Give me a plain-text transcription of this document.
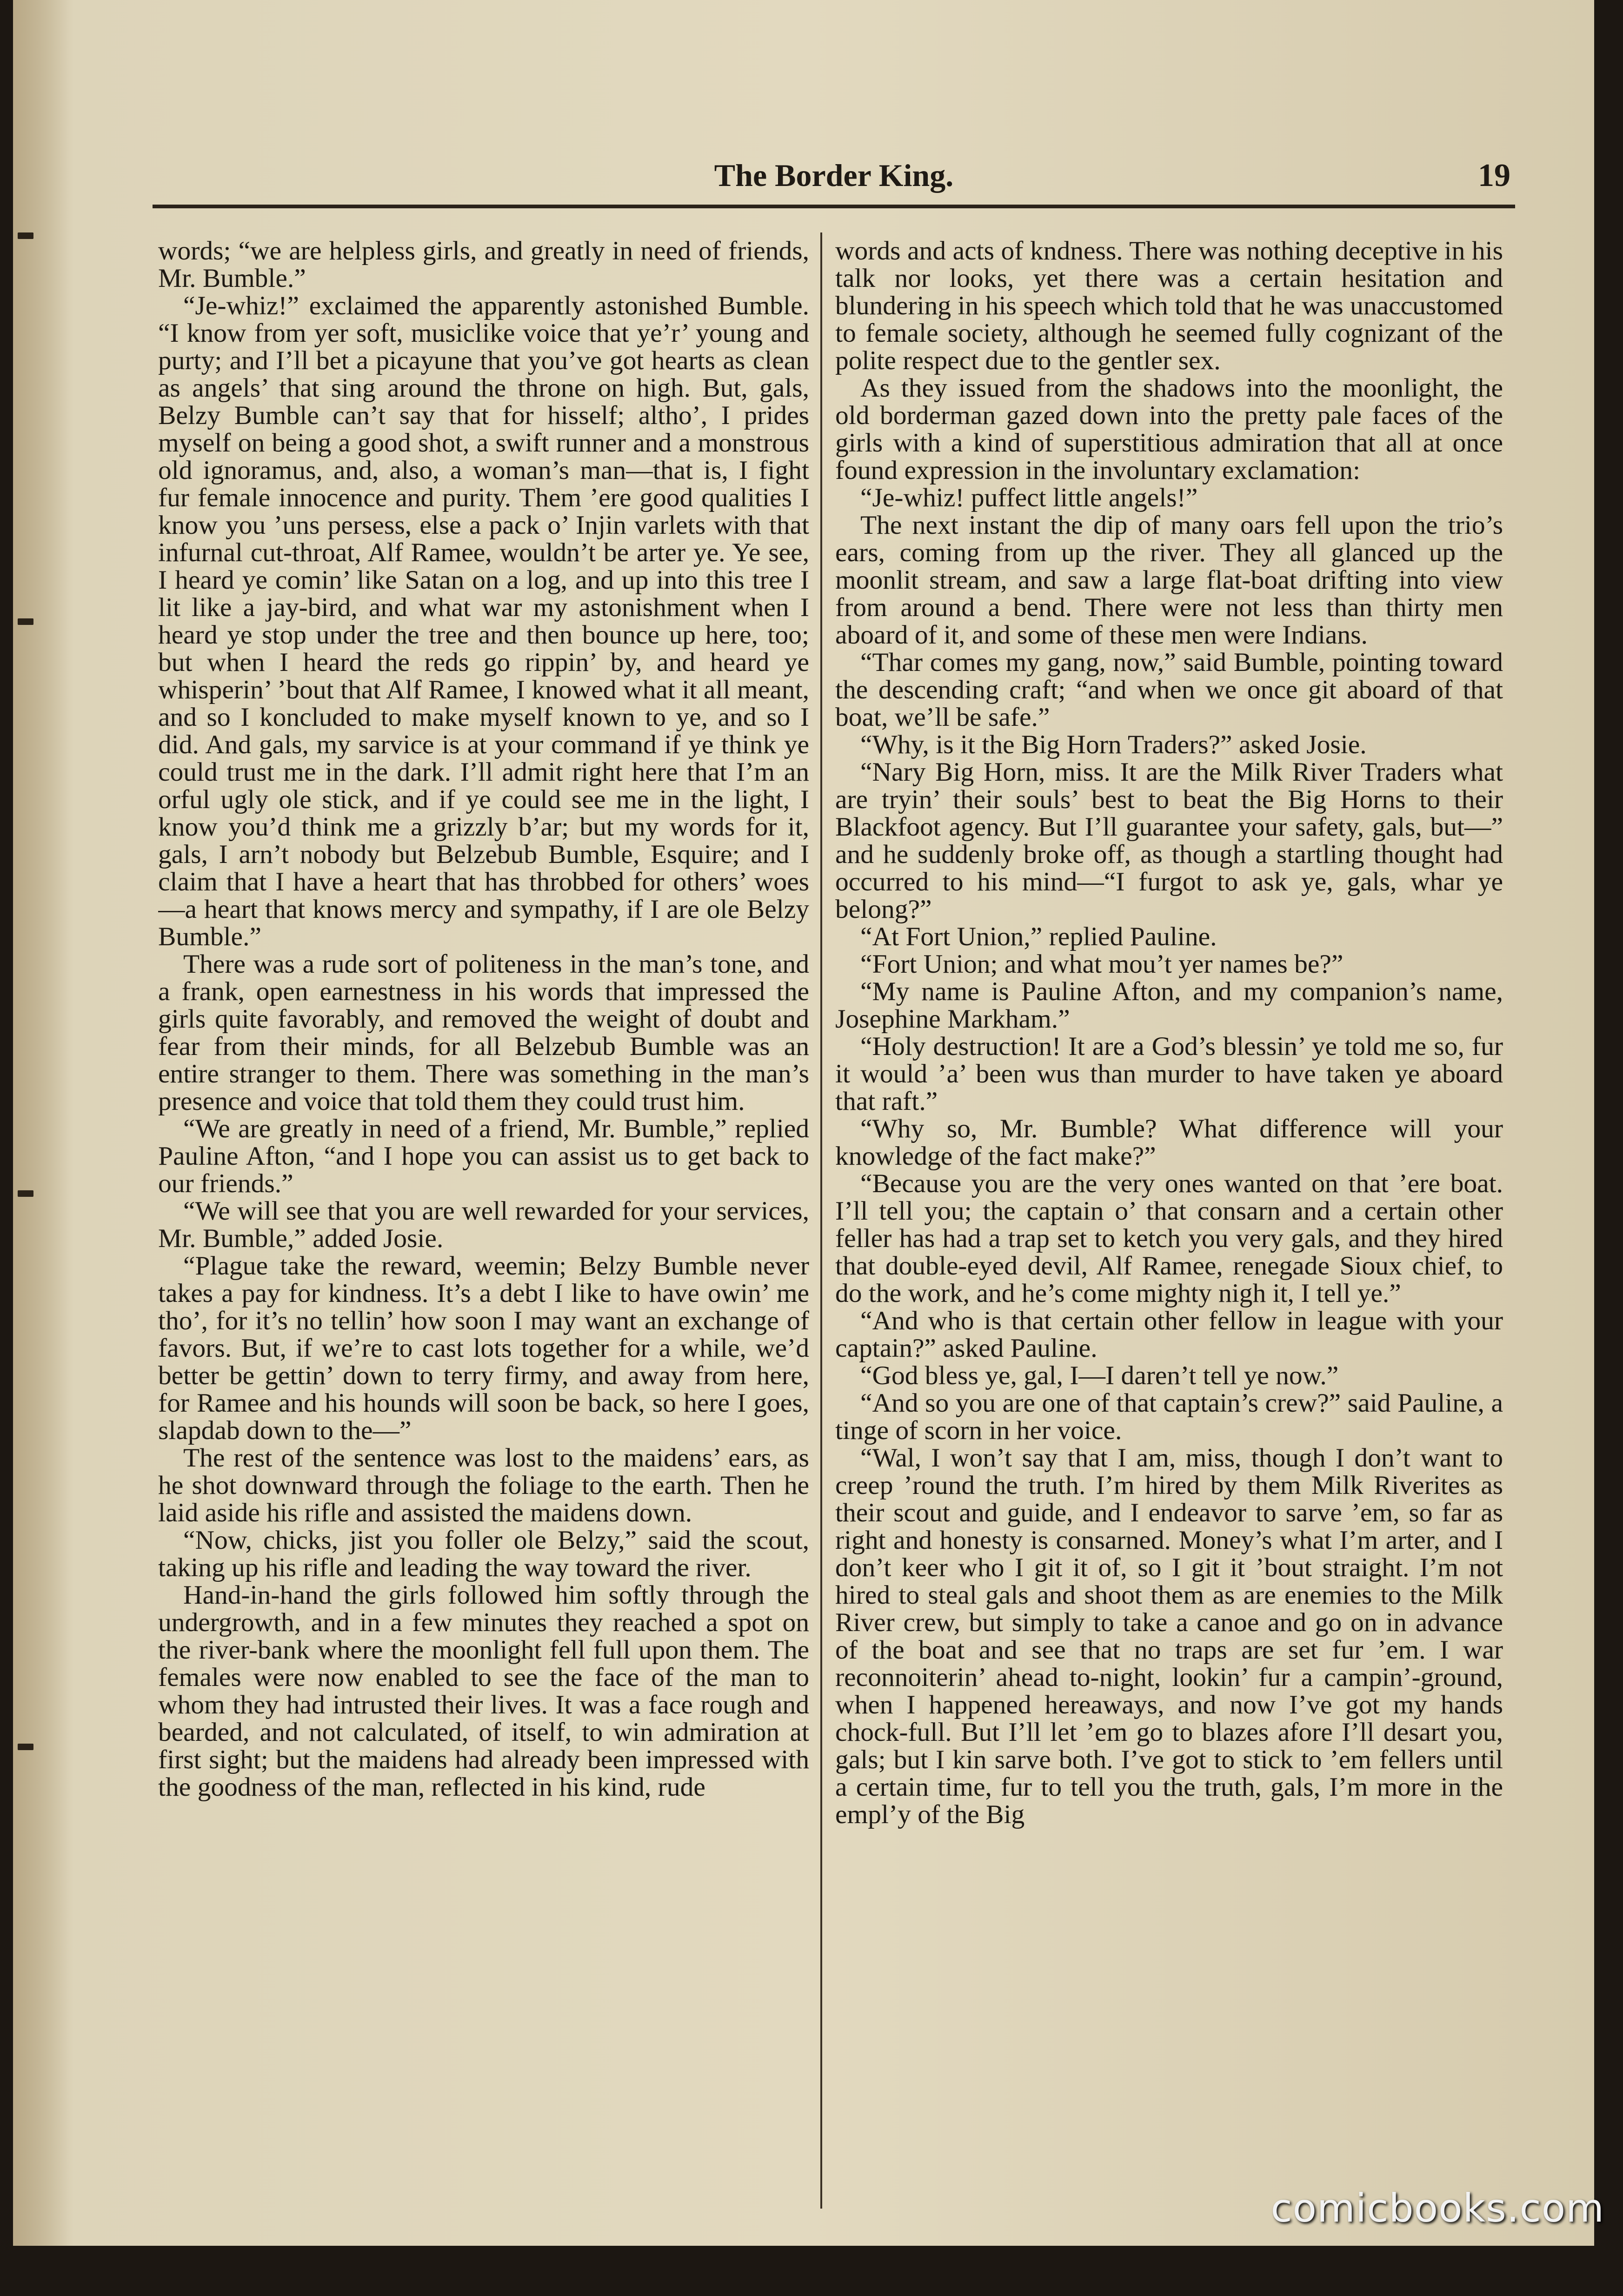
The Border King.	19

words; “we are helpless girls, and greatly in need of friends, Mr. Bumble.”

“Je-whiz!” exclaimed the apparently astonished Bumble. “I know from yer soft, musiclike voice that ye’r’ young and purty; and I’ll bet a picayune that you’ve got hearts as clean as angels’ that sing around the throne on high. But, gals, Belzy Bumble can’t say that for hisself; altho’, I prides myself on being a good shot, a swift runner and a monstrous old ignoramus, and, also, a woman’s man—that is, I fight fur female innocence and purity. Them ’ere good qualities I know you ’uns persess, else a pack o’ Injin varlets with that infurnal cut-throat, Alf Ramee, wouldn’t be arter ye. Ye see, I heard ye comin’ like Satan on a log, and up into this tree I lit like a jay-bird, and what war my astonishment when I heard ye stop under the tree and then bounce up here, too; but when I heard the reds go rippin’ by, and heard ye whisperin’ ’bout that Alf Ramee, I knowed what it all meant, and so I koncluded to make myself known to ye, and so I did. And gals, my sarvice is at your command if ye think ye could trust me in the dark. I’ll admit right here that I’m an orful ugly ole stick, and if ye could see me in the light, I know you’d think me a grizzly b’ar; but my words for it, gals, I arn’t nobody but Belzebub Bumble, Esquire; and I claim that I have a heart that has throbbed for others’ woes—a heart that knows mercy and sympathy, if I are ole Belzy Bumble.”

There was a rude sort of politeness in the man’s tone, and a frank, open earnestness in his words that impressed the girls quite favorably, and removed the weight of doubt and fear from their minds, for all Belzebub Bumble was an entire stranger to them. There was something in the man’s presence and voice that told them they could trust him.

“We are greatly in need of a friend, Mr. Bumble,” replied Pauline Afton, “and I hope you can assist us to get back to our friends.”

“We will see that you are well rewarded for your services, Mr. Bumble,” added Josie.

“Plague take the reward, weemin; Belzy Bumble never takes a pay for kindness. It’s a debt I like to have owin’ me tho’, for it’s no tellin’ how soon I may want an exchange of favors. But, if we’re to cast lots together for a while, we’d better be gettin’ down to terry firmy, and away from here, for Ramee and his hounds will soon be back, so here I goes, slapdab down to the—”

The rest of the sentence was lost to the maidens’ ears, as he shot downward through the foliage to the earth. Then he laid aside his rifle and assisted the maidens down.

“Now, chicks, jist you foller ole Belzy,” said the scout, taking up his rifle and leading the way toward the river.

Hand-in-hand the girls followed him softly through the undergrowth, and in a few minutes they reached a spot on the river-bank where the moonlight fell full upon them. The females were now enabled to see the face of the man to whom they had intrusted their lives. It was a face rough and bearded, and not calculated, of itself, to win admiration at first sight; but the maidens had already been impressed with the goodness of the man, reflected in his kind, rude

words and acts of kndness. There was nothing deceptive in his talk nor looks, yet there was a certain hesitation and blundering in his speech which told that he was unaccustomed to female society, although he seemed fully cognizant of the polite respect due to the gentler sex.

As they issued from the shadows into the moonlight, the old borderman gazed down into the pretty pale faces of the girls with a kind of superstitious admiration that all at once found expression in the involuntary exclamation:

“Je-whiz! puffect little angels!”

The next instant the dip of many oars fell upon the trio’s ears, coming from up the river. They all glanced up the moonlit stream, and saw a large flat-boat drifting into view from around a bend. There were not less than thirty men aboard of it, and some of these men were Indians.

“Thar comes my gang, now,” said Bumble, pointing toward the descending craft; “and when we once git aboard of that boat, we’ll be safe.”

“Why, is it the Big Horn Traders?” asked Josie.

“Nary Big Horn, miss. It are the Milk River Traders what are tryin’ their souls’ best to beat the Big Horns to their Blackfoot agency. But I’ll guarantee your safety, gals, but—” and he suddenly broke off, as though a startling thought had occurred to his mind—“I furgot to ask ye, gals, whar ye belong?”

“At Fort Union,” replied Pauline.

“Fort Union; and what mou’t yer names be?”

“My name is Pauline Afton, and my companion’s name, Josephine Markham.”

“Holy destruction! It are a God’s blessin’ ye told me so, fur it would ’a’ been wus than murder to have taken ye aboard that raft.”

“Why so, Mr. Bumble? What difference will your knowledge of the fact make?”

“Because you are the very ones wanted on that ’ere boat. I’ll tell you; the captain o’ that consarn and a certain other feller has had a trap set to ketch you very gals, and they hired that double-eyed devil, Alf Ramee, renegade Sioux chief, to do the work, and he’s come mighty nigh it, I tell ye.”

“And who is that certain other fellow in league with your captain?” asked Pauline.

“God bless ye, gal, I—I daren’t tell ye now.”

“And so you are one of that captain’s crew?” said Pauline, a tinge of scorn in her voice.

“Wal, I won’t say that I am, miss, though I don’t want to creep ’round the truth. I’m hired by them Milk Riverites as their scout and guide, and I endeavor to sarve ’em, so far as right and honesty is consarned. Money’s what I’m arter, and I don’t keer who I git it of, so I git it ’bout straight. I’m not hired to steal gals and shoot them as are enemies to the Milk River crew, but simply to take a canoe and go on in advance of the boat and see that no traps are set fur ’em. I war reconnoiterin’ ahead to-night, lookin’ fur a campin’-ground, when I happened hereaways, and now I’ve got my hands chock-full. But I’ll let ’em go to blazes afore I’ll desart you, gals; but I kin sarve both. I’ve got to stick to ’em fellers until a certain time, fur to tell you the truth, gals, I’m more in the empl’y of the Big

comicbooks.com
